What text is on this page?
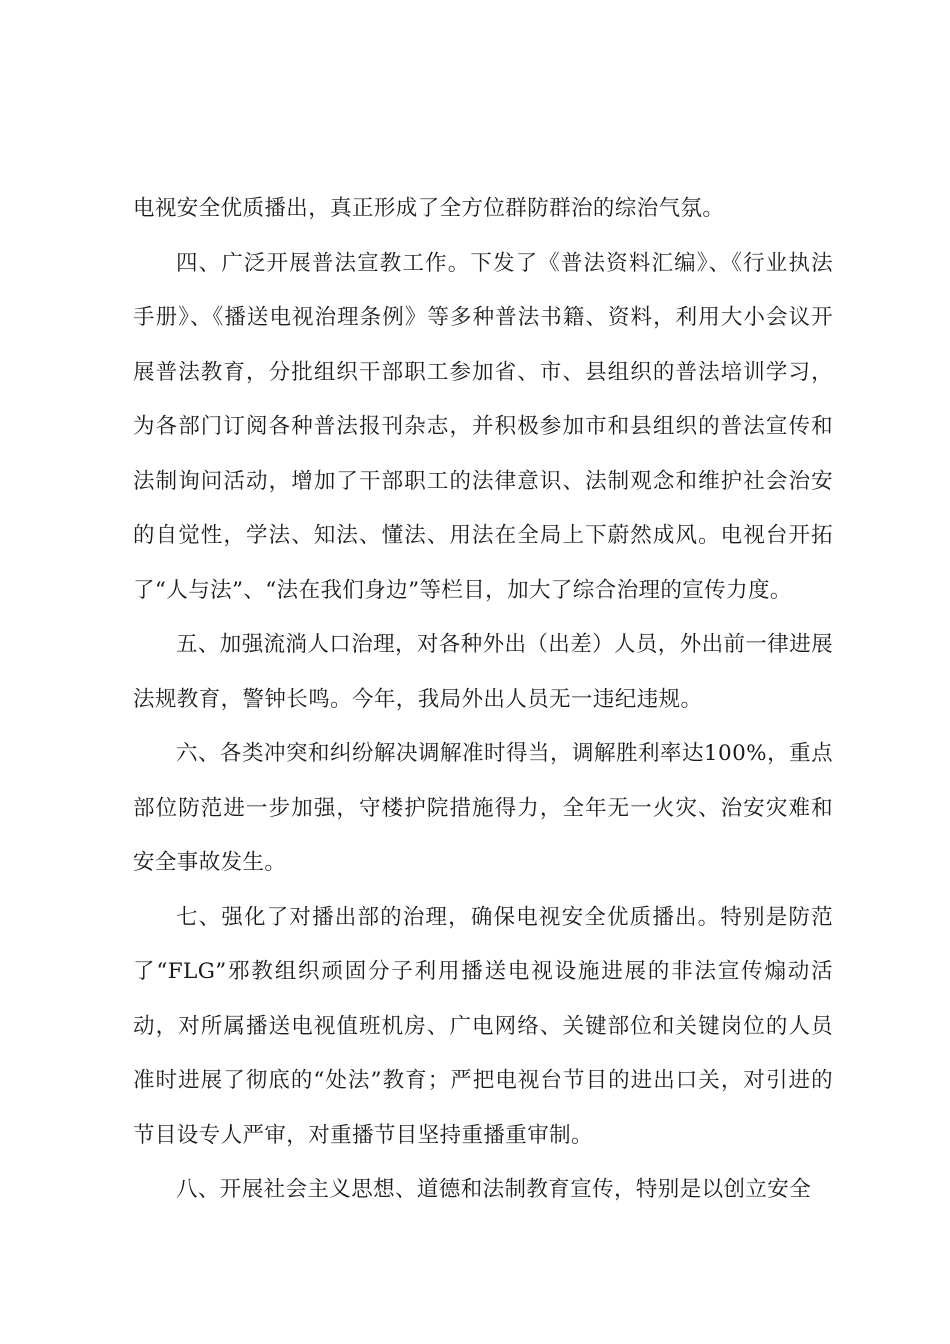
电视安全优质播出，真正形成了全方位群防群治的综治气氛。

四、广泛开展普法宣教工作。下发了《普法资料汇编》、《行业执法手册》、《播送电视治理条例》等多种普法书籍、资料，利用大小会议开展普法教育，分批组织干部职工参加省、市、县组织的普法培训学习，为各部门订阅各种普法报刊杂志，并积极参加市和县组织的普法宣传和法制询问活动，增加了干部职工的法律意识、法制观念和维护社会治安的自觉性，学法、知法、懂法、用法在全局上下蔚然成风。电视台开拓了“人与法”、“法在我们身边”等栏目，加大了综合治理的宣传力度。

五、加强流淌人口治理，对各种外出（出差）人员，外出前一律进展法规教育，警钟长鸣。今年，我局外出人员无一违纪违规。

六、各类冲突和纠纷解决调解准时得当，调解胜利率达100%，重点部位防范进一步加强，守楼护院措施得力，全年无一火灾、治安灾难和安全事故发生。

七、强化了对播出部的治理，确保电视安全优质播出。特别是防范了“FLG”邪教组织顽固分子利用播送电视设施进展的非法宣传煽动活动，对所属播送电视值班机房、广电网络、关键部位和关键岗位的人员准时进展了彻底的“处法”教育；严把电视台节目的进出口关，对引进的节目设专人严审，对重播节目坚持重播重审制。

八、开展社会主义思想、道德和法制教育宣传，特别是以创立安全
